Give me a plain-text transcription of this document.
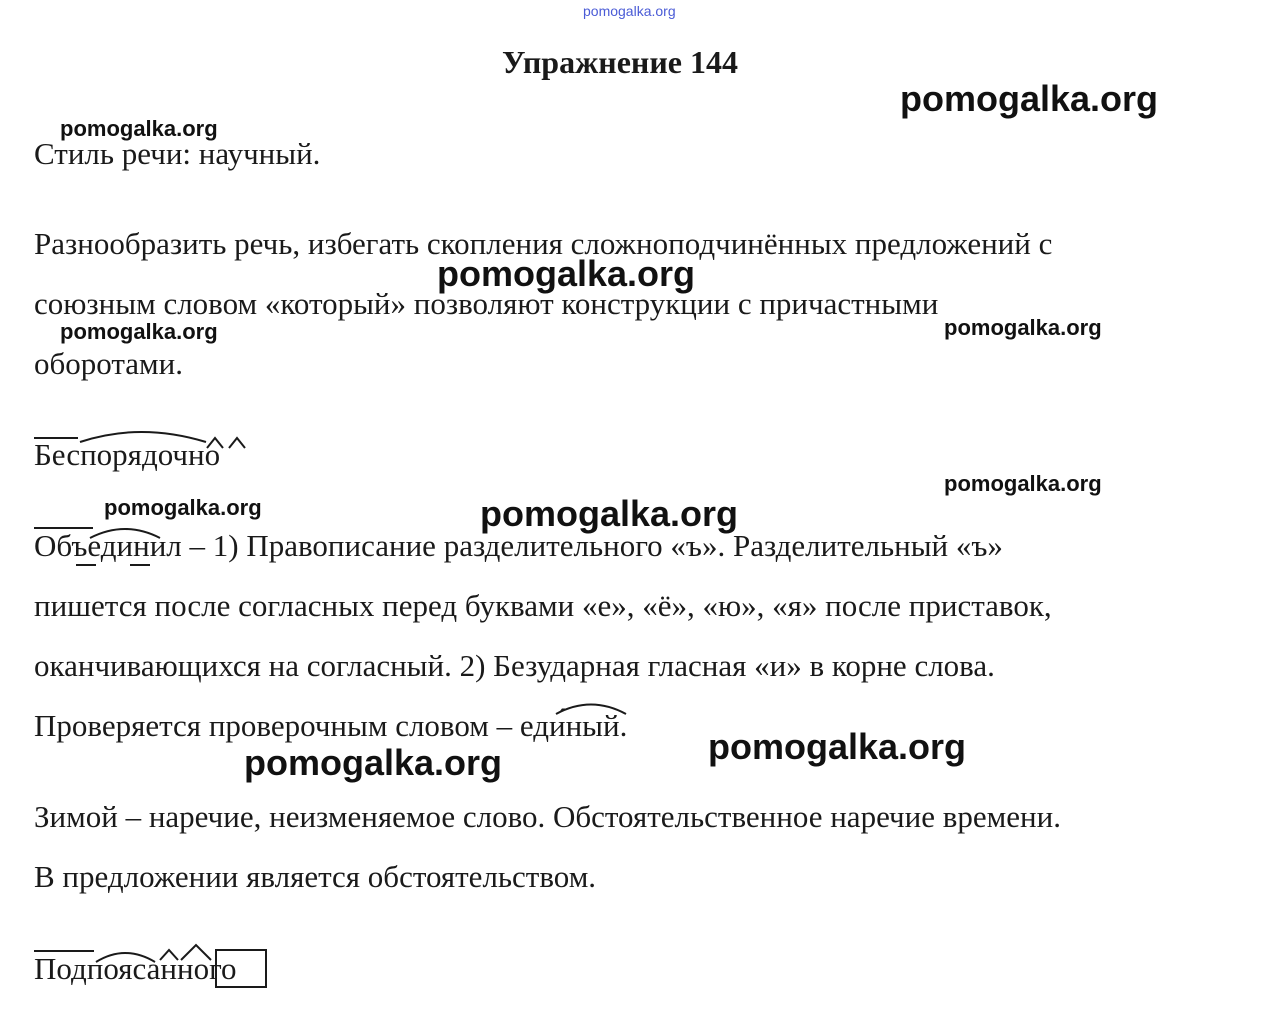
pomogalka.org
pomogalka.org
pomogalka.org
pomogalka.org
pomogalka.org	pomogalka.org
pomogalka.org
pomogalka.org	pomogalka.org
pomogalka.org
pomogalka.org
Упражнение 144
Стиль речи: научный.
Разнообразить речь, избегать скопления сложноподчинённых предложений с
союзным словом «который» позволяют конструкции с причастными
оборотами.
Беспорядочно
Объединил – 1) Правописание разделительного «ъ». Разделительный «ъ»
пишется после согласных перед буквами «е», «ё», «ю», «я» после приставок,
оканчивающихся на согласный. 2) Безударная гласная «и» в корне слова.
Проверяется проверочным словом – еди́ный.
Зимой – наречие, неизменяемое слово. Обстоятельственное наречие времени.
В предложении является обстоятельством.
Подпоясанного
